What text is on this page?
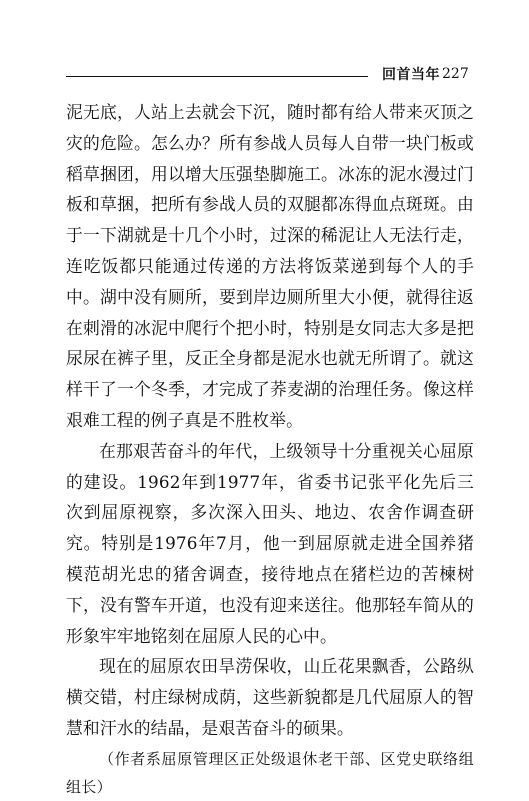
回首当年 227

泥无底，人站上去就会下沉，随时都有给人带来灭顶之灾的危险。怎么办？所有参战人员每人自带一块门板或稻草捆团，用以增大压强垫脚施工。冰冻的泥水漫过门板和草捆，把所有参战人员的双腿都冻得血点斑斑。由于一下湖就是十几个小时，过深的稀泥让人无法行走，连吃饭都只能通过传递的方法将饭菜递到每个人的手中。湖中没有厕所，要到岸边厕所里大小便，就得往返在刺滑的冰泥中爬行个把小时，特别是女同志大多是把尿尿在裤子里，反正全身都是泥水也就无所谓了。就这样干了一个冬季，才完成了荞麦湖的治理任务。像这样艰难工程的例子真是不胜枚举。

在那艰苦奋斗的年代，上级领导十分重视关心屈原的建设。1962年到1977年，省委书记张平化先后三次到屈原视察，多次深入田头、地边、农舍作调查研究。特别是1976年7月，他一到屈原就走进全国养猪模范胡光忠的猪舍调查，接待地点在猪栏边的苦楝树下，没有警车开道，也没有迎来送往。他那轻车简从的形象牢牢地铭刻在屈原人民的心中。

现在的屈原农田旱涝保收，山丘花果飘香，公路纵横交错，村庄绿树成荫，这些新貌都是几代屈原人的智慧和汗水的结晶，是艰苦奋斗的硕果。

（作者系屈原管理区正处级退休老干部、区党史联络组组长）
